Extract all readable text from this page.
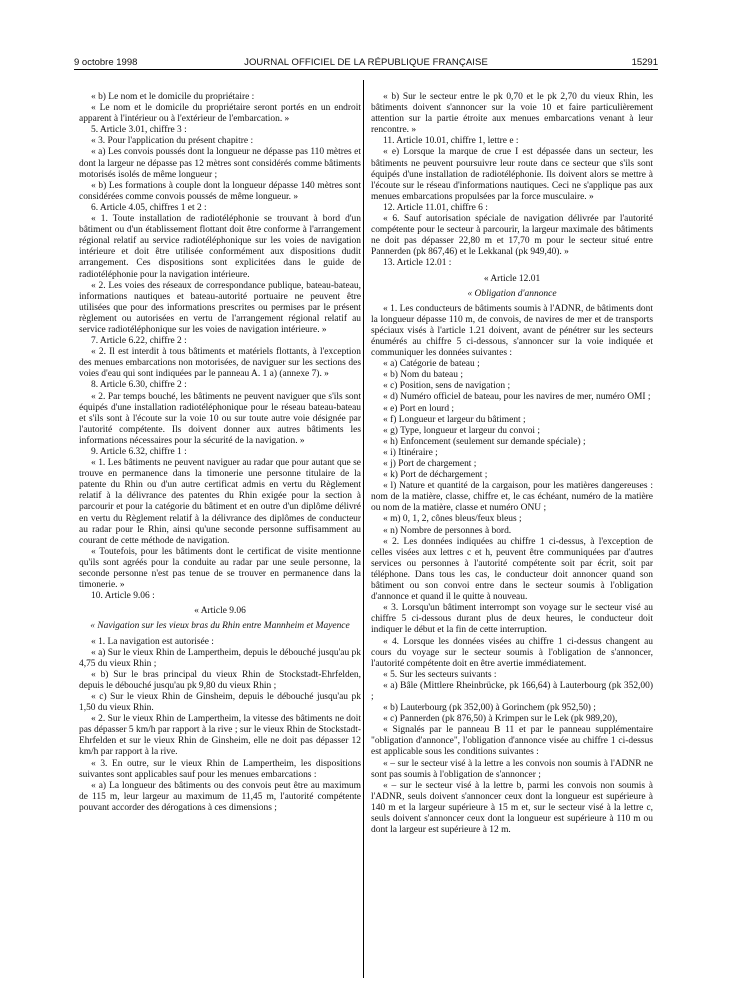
9 octobre 1998	JOURNAL OFFICIEL DE LA RÉPUBLIQUE FRANÇAISE	15291

« b) Le nom et le domicile du propriétaire :

« Le nom et le domicile du propriétaire seront portés en un endroit apparent à l'intérieur ou à l'extérieur de l'embarcation. »

5. Article 3.01, chiffre 3 :

« 3. Pour l'application du présent chapitre :

« a) Les convois poussés dont la longueur ne dépasse pas 110 mètres et dont la largeur ne dépasse pas 12 mètres sont considérés comme bâtiments motorisés isolés de même longueur ;

« b) Les formations à couple dont la longueur dépasse 140 mètres sont considérées comme convois poussés de même longueur. »

6. Article 4.05, chiffres 1 et 2 :

« 1. Toute installation de radiotéléphonie se trouvant à bord d'un bâtiment ou d'un établissement flottant doit être conforme à l'arrangement régional relatif au service radiotéléphonique sur les voies de navigation intérieure et doit être utilisée conformément aux dispositions dudit arrangement. Ces dispositions sont explicitées dans le guide de radiotéléphonie pour la navigation intérieure.

« 2. Les voies des réseaux de correspondance publique, bateau-bateau, informations nautiques et bateau-autorité portuaire ne peuvent être utilisées que pour des informations prescrites ou permises par le présent règlement ou autorisées en vertu de l'arrangement régional relatif au service radiotéléphonique sur les voies de navigation intérieure. »

7. Article 6.22, chiffre 2 :

« 2. Il est interdit à tous bâtiments et matériels flottants, à l'exception des menues embarcations non motorisées, de naviguer sur les sections des voies d'eau qui sont indiquées par le panneau A. 1 a) (annexe 7). »

8. Article 6.30, chiffre 2 :

« 2. Par temps bouché, les bâtiments ne peuvent naviguer que s'ils sont équipés d'une installation radiotéléphonique pour le réseau bateau-bateau et s'ils sont à l'écoute sur la voie 10 ou sur toute autre voie désignée par l'autorité compétente. Ils doivent donner aux autres bâtiments les informations nécessaires pour la sécurité de la navigation. »

9. Article 6.32, chiffre 1 :

« 1. Les bâtiments ne peuvent naviguer au radar que pour autant que se trouve en permanence dans la timonerie une personne titulaire de la patente du Rhin ou d'un autre certificat admis en vertu du Règlement relatif à la délivrance des patentes du Rhin exigée pour la section à parcourir et pour la catégorie du bâtiment et en outre d'un diplôme délivré en vertu du Règlement relatif à la délivrance des diplômes de conducteur au radar pour le Rhin, ainsi qu'une seconde personne suffisamment au courant de cette méthode de navigation.

« Toutefois, pour les bâtiments dont le certificat de visite mentionne qu'ils sont agréés pour la conduite au radar par une seule personne, la seconde personne n'est pas tenue de se trouver en permanence dans la timonerie. »

10. Article 9.06 :

« Article 9.06

« Navigation sur les vieux bras du Rhin entre Mannheim et Mayence

« 1. La navigation est autorisée :

« a) Sur le vieux Rhin de Lampertheim, depuis le débouché jusqu'au pk 4,75 du vieux Rhin ;

« b) Sur le bras principal du vieux Rhin de Stockstadt-Ehrfelden, depuis le débouché jusqu'au pk 9,80 du vieux Rhin ;

« c) Sur le vieux Rhin de Ginsheim, depuis le débouché jusqu'au pk 1,50 du vieux Rhin.

« 2. Sur le vieux Rhin de Lampertheim, la vitesse des bâtiments ne doit pas dépasser 5 km/h par rapport à la rive ; sur le vieux Rhin de Stockstadt-Ehrfelden et sur le vieux Rhin de Ginsheim, elle ne doit pas dépasser 12 km/h par rapport à la rive.

« 3. En outre, sur le vieux Rhin de Lampertheim, les dispositions suivantes sont applicables sauf pour les menues embarcations :

« a) La longueur des bâtiments ou des convois peut être au maximum de 115 m, leur largeur au maximum de 11,45 m, l'autorité compétente pouvant accorder des dérogations à ces dimensions ;

« b) Sur le secteur entre le pk 0,70 et le pk 2,70 du vieux Rhin, les bâtiments doivent s'annoncer sur la voie 10 et faire particulièrement attention sur la partie étroite aux menues embarcations venant à leur rencontre. »

11. Article 10.01, chiffre 1, lettre e :

« e) Lorsque la marque de crue I est dépassée dans un secteur, les bâtiments ne peuvent poursuivre leur route dans ce secteur que s'ils sont équipés d'une installation de radiotéléphonie. Ils doivent alors se mettre à l'écoute sur le réseau d'informations nautiques. Ceci ne s'applique pas aux menues embarcations propulsées par la force musculaire. »

12. Article 11.01, chiffre 6 :

« 6. Sauf autorisation spéciale de navigation délivrée par l'autorité compétente pour le secteur à parcourir, la largeur maximale des bâtiments ne doit pas dépasser 22,80 m et 17,70 m pour le secteur situé entre Pannerden (pk 867,46) et le Lekkanal (pk 949,40). »

13. Article 12.01 :

« Article 12.01

« Obligation d'annonce

« 1. Les conducteurs de bâtiments soumis à l'ADNR, de bâtiments dont la longueur dépasse 110 m, de convois, de navires de mer et de transports spéciaux visés à l'article 1.21 doivent, avant de pénétrer sur les secteurs énumérés au chiffre 5 ci-dessous, s'annoncer sur la voie indiquée et communiquer les données suivantes :

« a) Catégorie de bateau ;

« b) Nom du bateau ;

« c) Position, sens de navigation ;

« d) Numéro officiel de bateau, pour les navires de mer, numéro OMI ;

« e) Port en lourd ;

« f) Longueur et largeur du bâtiment ;

« g) Type, longueur et largeur du convoi ;

« h) Enfoncement (seulement sur demande spéciale) ;

« i) Itinéraire ;

« j) Port de chargement ;

« k) Port de déchargement ;

« l) Nature et quantité de la cargaison, pour les matières dangereuses : nom de la matière, classe, chiffre et, le cas échéant, numéro de la matière ou nom de la matière, classe et numéro ONU ;

« m) 0, 1, 2, cônes bleus/feux bleus ;

« n) Nombre de personnes à bord.

« 2. Les données indiquées au chiffre 1 ci-dessus, à l'exception de celles visées aux lettres c et h, peuvent être communiquées par d'autres services ou personnes à l'autorité compétente soit par écrit, soit par téléphone. Dans tous les cas, le conducteur doit annoncer quand son bâtiment ou son convoi entre dans le secteur soumis à l'obligation d'annonce et quand il le quitte à nouveau.

« 3. Lorsqu'un bâtiment interrompt son voyage sur le secteur visé au chiffre 5 ci-dessous durant plus de deux heures, le conducteur doit indiquer le début et la fin de cette interruption.

« 4. Lorsque les données visées au chiffre 1 ci-dessus changent au cours du voyage sur le secteur soumis à l'obligation de s'annoncer, l'autorité compétente doit en être avertie immédiatement.

« 5. Sur les secteurs suivants :

« a) Bâle (Mittlere Rheinbrücke, pk 166,64) à Lauterbourg (pk 352,00) ;

« b) Lauterbourg (pk 352,00) à Gorinchem (pk 952,50) ;

« c) Pannerden (pk 876,50) à Krimpen sur le Lek (pk 989,20),

« Signalés par le panneau B 11 et par le panneau supplémentaire "obligation d'annonce", l'obligation d'annonce visée au chiffre 1 ci-dessus est applicable sous les conditions suivantes :

« – sur le secteur visé à la lettre a les convois non soumis à l'ADNR ne sont pas soumis à l'obligation de s'annoncer ;

« – sur le secteur visé à la lettre b, parmi les convois non soumis à l'ADNR, seuls doivent s'annoncer ceux dont la longueur est supérieure à 140 m et la largeur supérieure à 15 m et, sur le secteur visé à la lettre c, seuls doivent s'annoncer ceux dont la longueur est supérieure à 110 m ou dont la largeur est supérieure à 12 m.
